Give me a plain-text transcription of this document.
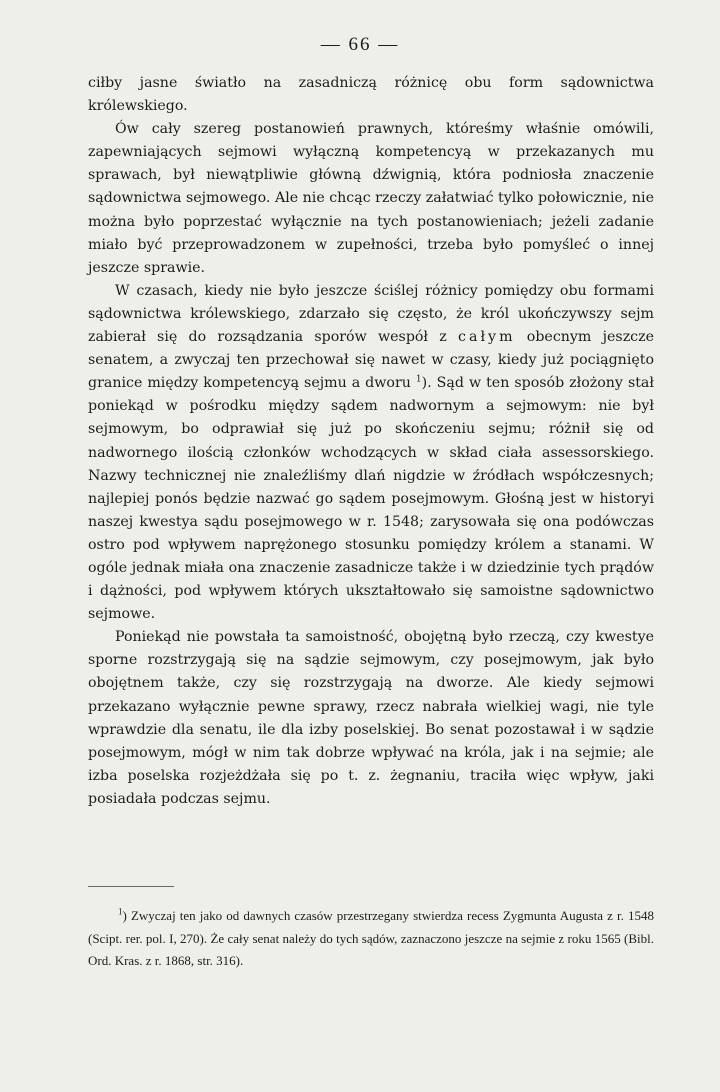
— 66 —

ciłby jasne światło na zasadniczą różnicę obu form sądownictwa królewskiego.

Ów cały szereg postanowień prawnych, któreśmy właśnie omówili, zapewniających sejmowi wyłączną kompetencyą w przekazanych mu sprawach, był niewątpliwie główną dźwignią, która podniosła znaczenie sądownictwa sejmowego. Ale nie chcąc rzeczy załatwiać tylko połowicznie, nie można było poprzestać wyłącznie na tych postanowieniach; jeżeli zadanie miało być przeprowadzonem w zupełności, trzeba było pomyśleć o innej jeszcze sprawie.

W czasach, kiedy nie było jeszcze ściślej różnicy pomiędzy obu formami sądownictwa królewskiego, zdarzało się często, że król ukończywszy sejm zabierał się do rozsądzania sporów wespół z całym obecnym jeszcze senatem, a zwyczaj ten przechował się nawet w czasy, kiedy już pociągnięto granice między kompetencyą sejmu a dworu $^1$). Sąd w ten sposób złożony stał poniekąd w pośrodku między sądem nadwornym a sejmowym: nie był sejmowym, bo odprawiał się już po skończeniu sejmu; różnił się od nadwornego ilością członków wchodzących w skład ciała assessorskiego. Nazwy technicznej nie znaleźliśmy dlań nigdzie w źródłach współczesnych; najlepiej ponós będzie nazwać go sądem posejmowym. Głośną jest w historyi naszej kwestya sądu posejmowego w r. 1548; zarysowała się ona podówczas ostro pod wpływem naprężonego stosunku pomiędzy królem a stanami. W ogóle jednak miała ona znaczenie zasadnicze także i w dziedzinie tych prądów i dążności, pod wpływem których ukształtowało się samoistne sądownictwo sejmowe.

Poniekąd nie powstała ta samoistność, obojętną było rzeczą, czy kwestye sporne rozstrzygają się na sądzie sejmowym, czy posejmowym, jak było obojętnem także, czy się rozstrzygają na dworze. Ale kiedy sejmowi przekazano wyłącznie pewne sprawy, rzecz nabrała wielkiej wagi, nie tyle wprawdzie dla senatu, ile dla izby poselskiej. Bo senat pozostawał i w sądzie posejmowym, mógł w nim tak dobrze wpływać na króla, jak i na sejmie; ale izba poselska rozjeżdżała się po t. z. żegnaniu, traciła więc wpływ, jaki posiadała podczas sejmu.

$^1$) Zwyczaj ten jako od dawnych czasów przestrzegany stwierdza recess Zygmunta Augusta z r. 1548 (Scipt. rer. pol. I, 270). Że cały senat należy do tych sądów, zaznaczono jeszcze na sejmie z roku 1565 (Bibl. Ord. Kras. z r. 1868, str. 316).
